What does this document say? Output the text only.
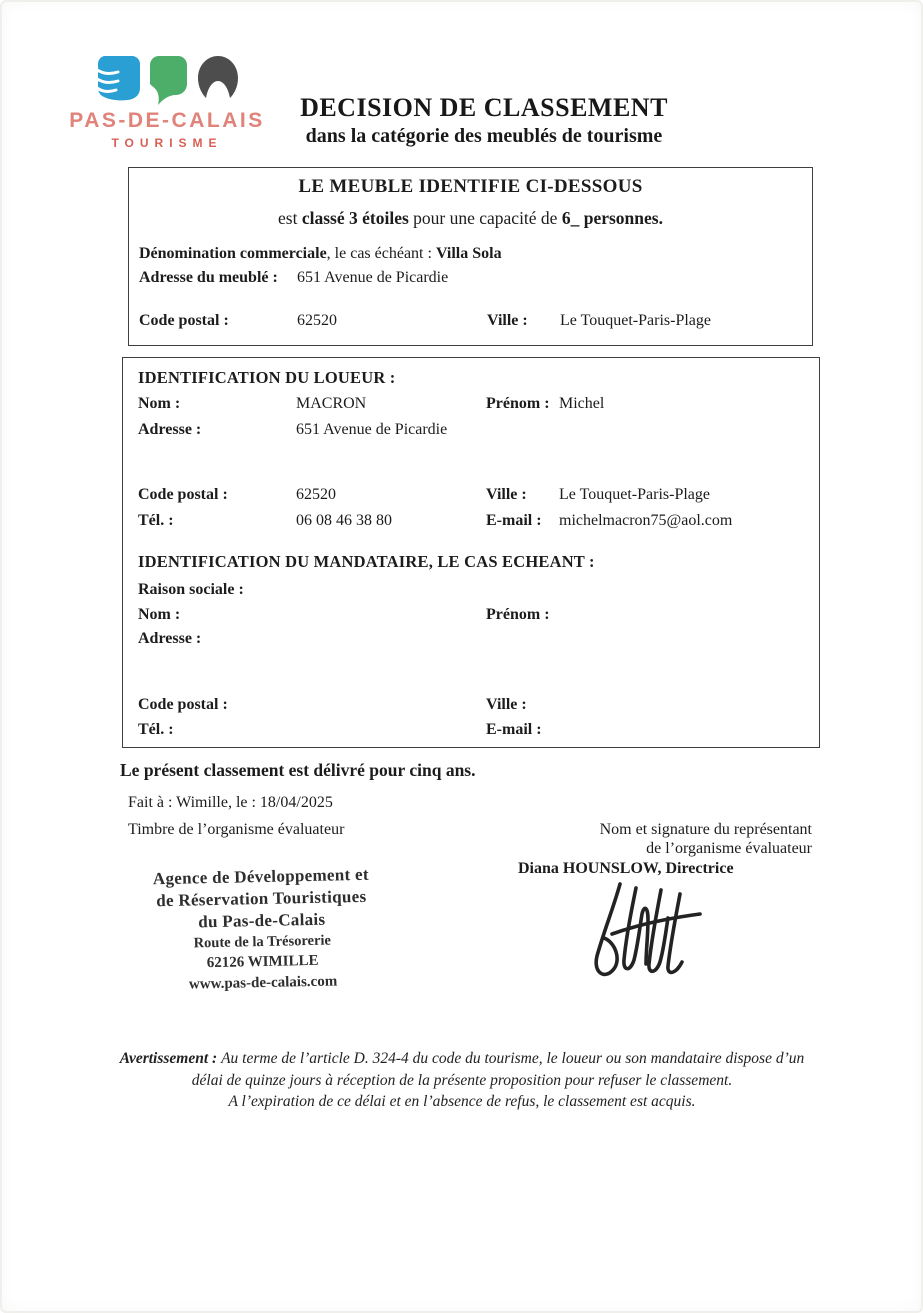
PAS-DE-CALAIS
TOURISME
DECISION DE CLASSEMENT
dans la catégorie des meublés de tourisme
LE MEUBLE IDENTIFIE CI-DESSOUS
est classé 3 étoiles pour une capacité de 6_ personnes.
Dénomination commerciale , le cas échéant : Villa Sola
Adresse du meublé :	651 Avenue de Picardie
Code postal :	62520	Ville :	Le Touquet-Paris-Plage
IDENTIFICATION DU LOUEUR :
Nom :	MACRON	Prénom : Michel
Adresse :	651 Avenue de Picardie
Code postal :	62520	Ville :	Le Touquet-Paris-Plage
Tél. :	06 08 46 38 80	E-mail :	michelmacron75@aol.com
IDENTIFICATION DU MANDATAIRE, LE CAS ECHEANT :
Raison sociale :
Nom :	Prénom :
Adresse :
Code postal :	Ville :
Tél. :	E-mail :
Le présent classement est délivré pour cinq ans.
Fait à : Wimille, le : 18/04/2025
Timbre de l’organisme évaluateur	Nom et signature du représentant
de l’organisme évaluateur
Diana HOUNSLOW, Directrice
Agence de Développement et
de Réservation Touristiques
du Pas-de-Calais
Route de la Trésorerie
62126 WIMILLE
www.pas-de-calais.com
Avertissement : Au terme de l’article D. 324-4 du code du tourisme, le loueur ou son mandataire dispose d’un
délai de quinze jours à réception de la présente proposition pour refuser le classement.
A l’expiration de ce délai et en l’absence de refus, le classement est acquis.
